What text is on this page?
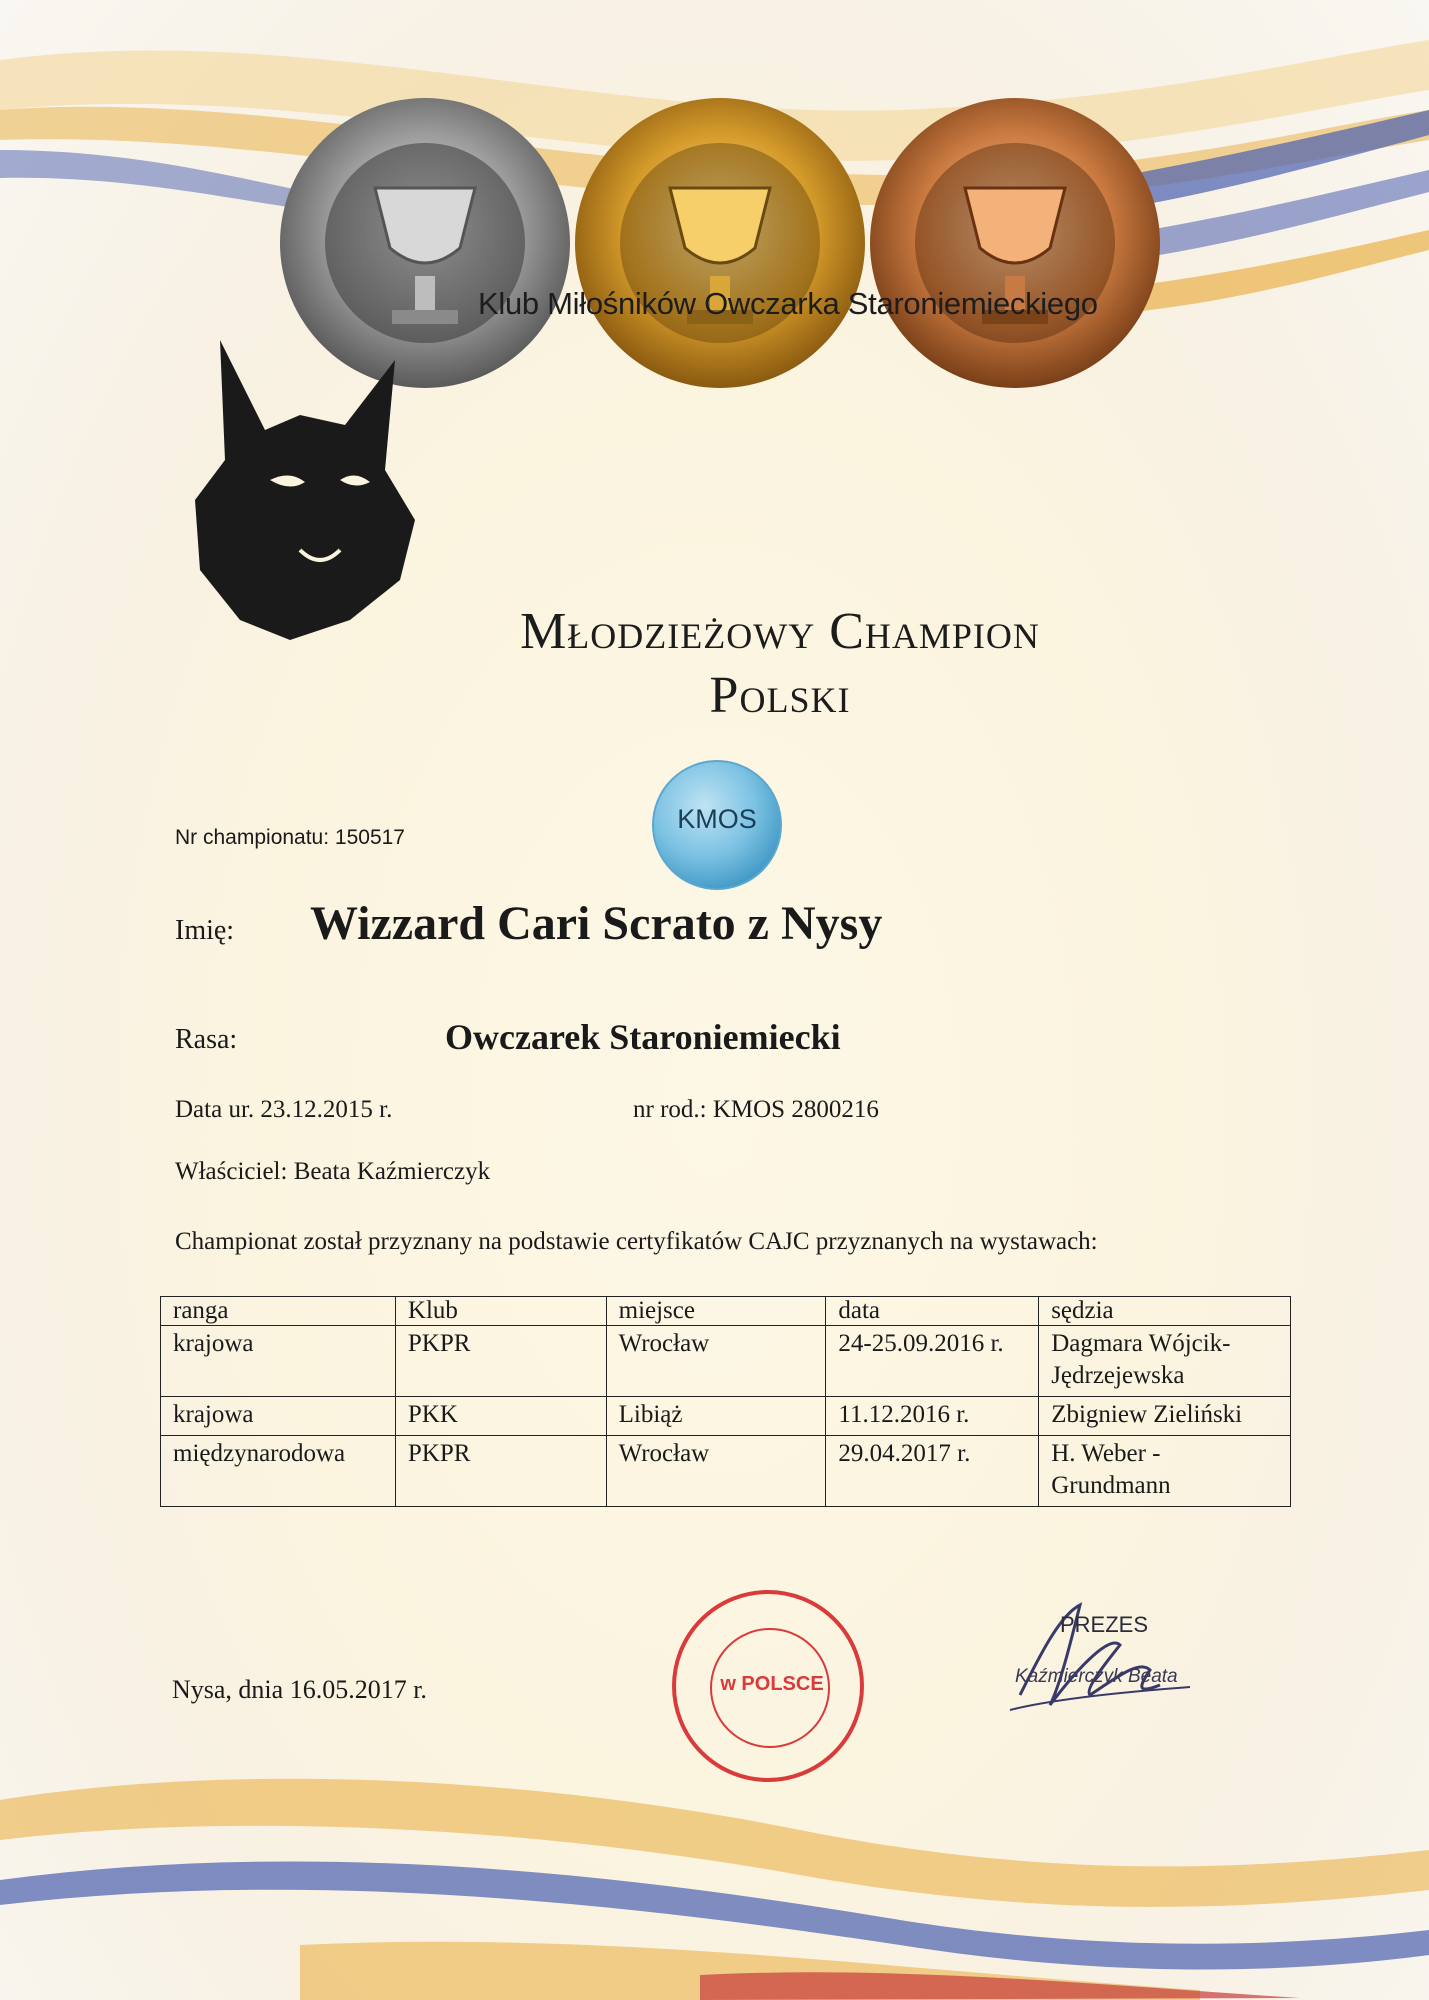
Klub Miłośników Owczarka Staroniemieckiego
Młodzieżowy Champion
Polski
KMOS
Nr championatu: 150517
Imię: Wizzard Cari Scrato z Nysy
Rasa:	Owczarek Staroniemiecki
Data ur. 23.12.2015 r.	nr rod.: KMOS 2800216
Właściciel: Beata Kaźmierczyk
Championat został przyznany na podstawie certyfikatów CAJC przyznanych na wystawach:
ranga	Klub	miejsce	data	sędzia
krajowa	PKPR	Wrocław	24-25.09.2016 r.	Dagmara Wójcik-Jędrzejewska
krajowa	PKK	Libiąż	11.12.2016 r.	Zbigniew Zieliński
międzynarodowa	PKPR	Wrocław	29.04.2017 r.	H. Weber - Grundmann
Nysa, dnia 16.05.2017 r.	w POLSCE
PREZES
Kaźmierczyk Beata
